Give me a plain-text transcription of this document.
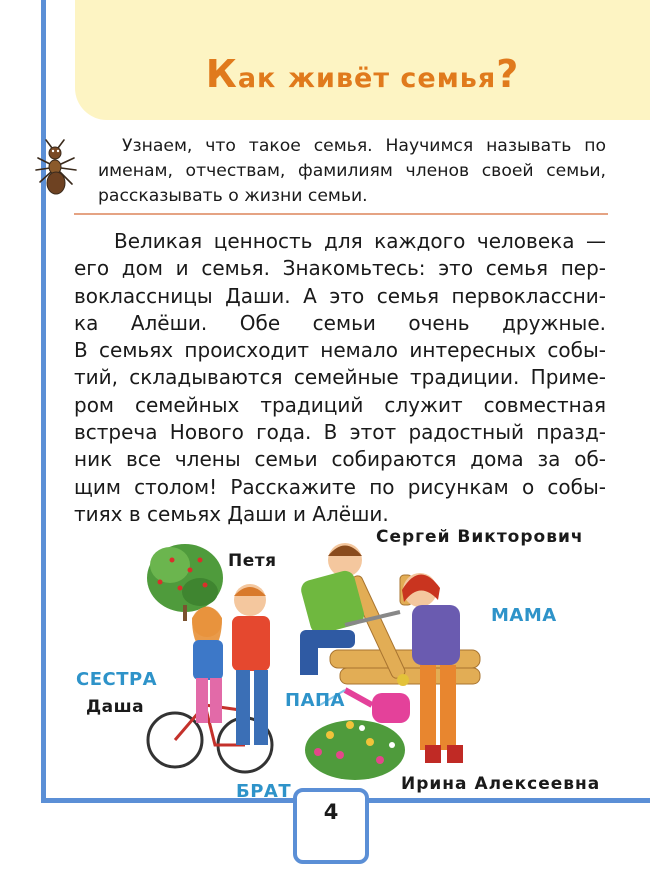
Как живёт семья?
Узнаем, что такое семья. Научимся называть по именам, отчествам, фамилиям членов своей семьи, рассказывать о жизни семьи.
Великая ценность для каждого человека —
его дом и семья. Знакомьтесь: это семья пер-
воклассницы Даши. А это семья первоклассни-
ка Алёши. Обе семьи очень дружные.
В семьях происходит немало интересных собы-
тий, складываются семейные традиции. Приме-
ром семейных традиций служит совместная
встреча Нового года. В этот радостный празд-
ник все члены семьи собираются дома за об-
щим столом! Расскажите по рисункам о собы-
тиях в семьях Даши и Алёши.
Сергей Викторович
Петя
МАМА
СЕСТРА
Даша	ПАПА
БРАТ	Ирина Алексеевна
4
